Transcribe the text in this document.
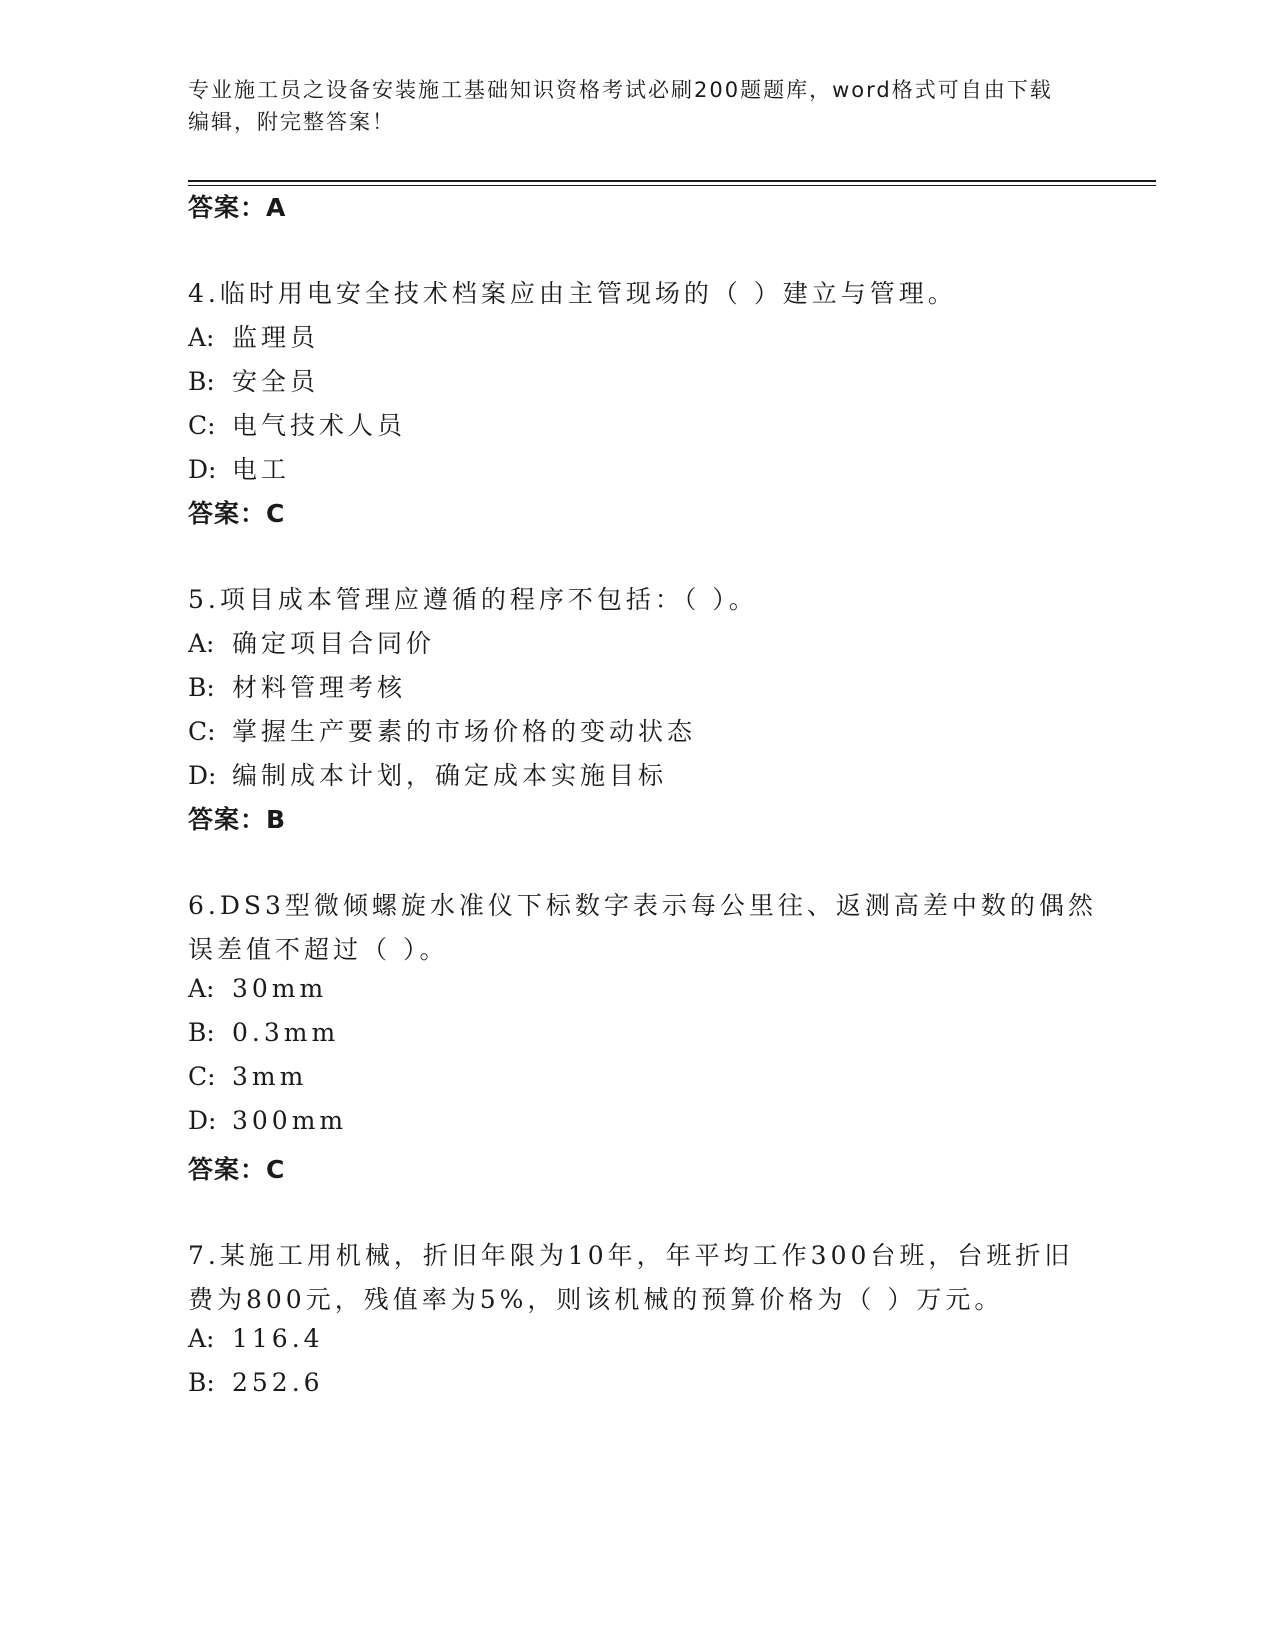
专业施工员之设备安装施工基础知识资格考试必刷200题题库，word格式可自由下载编辑，附完整答案！
答案：A
4.临时用电安全技术档案应由主管现场的（ ）建立与管理。
A: 监理员
B: 安全员
C: 电气技术人员
D: 电工
答案：C
5.项目成本管理应遵循的程序不包括：（ ）。
A: 确定项目合同价
B: 材料管理考核
C: 掌握生产要素的市场价格的变动状态
D: 编制成本计划，确定成本实施目标
答案：B
6.DS3型微倾螺旋水准仪下标数字表示每公里往、返测高差中数的偶然
误差值不超过（ ）。
A: 30mm
B: 0.3mm
C: 3mm
D: 300mm
答案：C
7.某施工用机械，折旧年限为10年，年平均工作300台班，台班折旧
费为800元，残值率为5%，则该机械的预算价格为（ ）万元。
A: 116.4
B: 252.6
